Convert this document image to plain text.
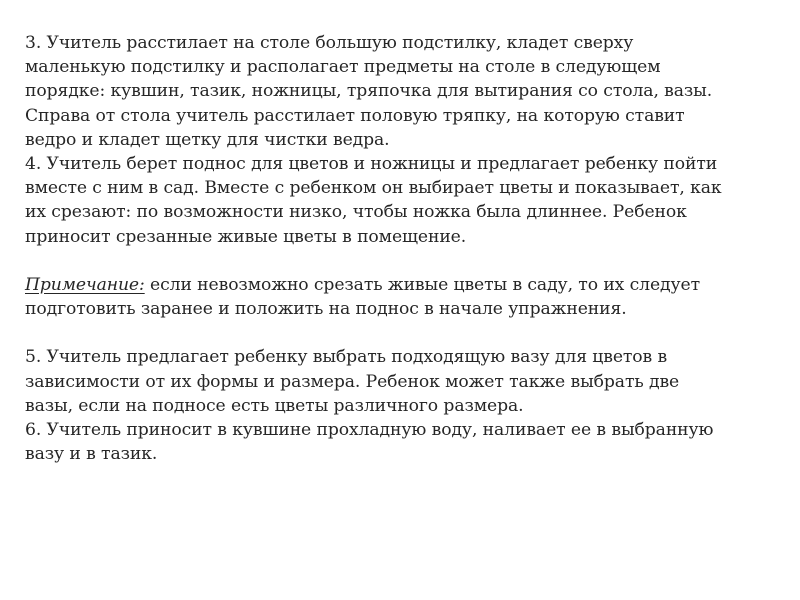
3. Учитель расстилает на столе большую подстилку, кладет сверху
маленькую подстилку и располагает предметы на столе в следующем
порядке: кувшин, тазик, ножницы, тряпочка для вытирания со стола, вазы.
Справа от стола учитель расстилает половую тряпку, на которую ставит
ведро и кладет щетку для чистки ведра.
4. Учитель берет поднос для цветов и ножницы и предлагает ребенку пойти
вместе с ним в сад. Вместе с ребенком он выбирает цветы и показывает, как
их срезают: по возможности низко, чтобы ножка была длиннее. Ребенок
приносит срезанные живые цветы в помещение.
Примечание: если невозможно срезать живые цветы в саду, то их следует
подготовить заранее и положить на поднос в начале упражнения.
5. Учитель предлагает ребенку выбрать подходящую вазу для цветов в
зависимости от их формы и размера. Ребенок может также выбрать две
вазы, если на подносе есть цветы различного размера.
6. Учитель приносит в кувшине прохладную воду, наливает ее в выбранную
вазу и в тазик.
